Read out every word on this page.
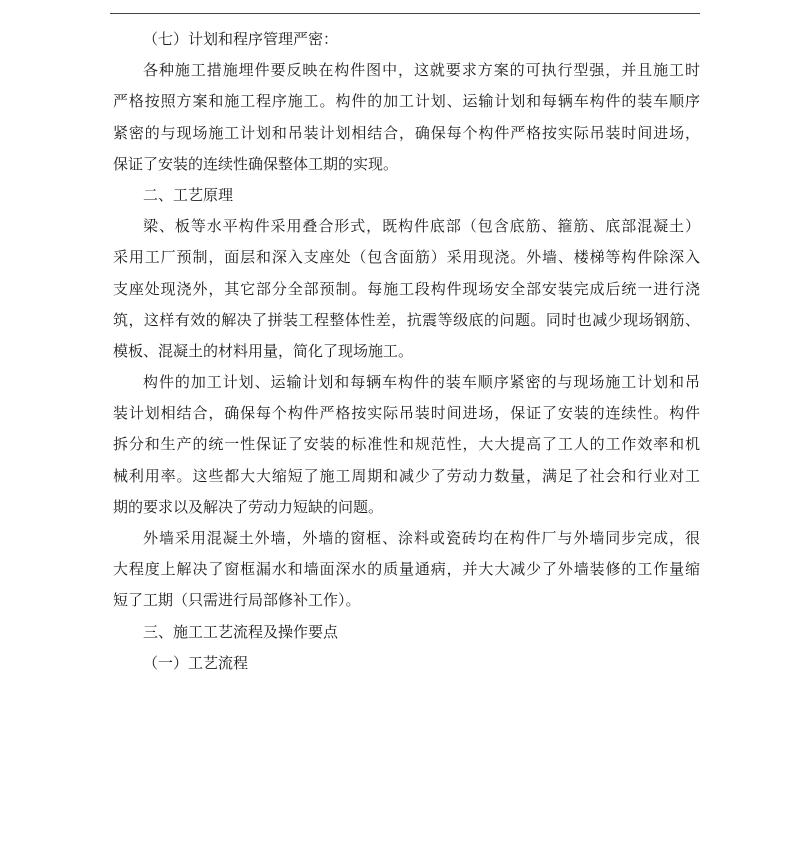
（七）计划和程序管理严密：
各种施工措施埋件要反映在构件图中，这就要求方案的可执行型强，并且施工时
严格按照方案和施工程序施工。构件的加工计划、运输计划和每辆车构件的装车顺序
紧密的与现场施工计划和吊装计划相结合，确保每个构件严格按实际吊装时间进场，
保证了安装的连续性确保整体工期的实现。
二、工艺原理
梁、板等水平构件采用叠合形式，既构件底部（包含底筋、箍筋、底部混凝土）
采用工厂预制，面层和深入支座处（包含面筋）采用现浇。外墙、楼梯等构件除深入
支座处现浇外，其它部分全部预制。每施工段构件现场安全部安装完成后统一进行浇
筑，这样有效的解决了拼装工程整体性差，抗震等级底的问题。同时也减少现场钢筋、
模板、混凝土的材料用量，简化了现场施工。
构件的加工计划、运输计划和每辆车构件的装车顺序紧密的与现场施工计划和吊
装计划相结合，确保每个构件严格按实际吊装时间进场，保证了安装的连续性。构件
拆分和生产的统一性保证了安装的标准性和规范性，大大提高了工人的工作效率和机
械利用率。这些都大大缩短了施工周期和减少了劳动力数量，满足了社会和行业对工
期的要求以及解决了劳动力短缺的问题。
外墙采用混凝土外墙，外墙的窗框、涂料或瓷砖均在构件厂与外墙同步完成，很
大程度上解决了窗框漏水和墙面深水的质量通病，并大大减少了外墙装修的工作量缩
短了工期（只需进行局部修补工作）。
三、施工工艺流程及操作要点
（一）工艺流程
